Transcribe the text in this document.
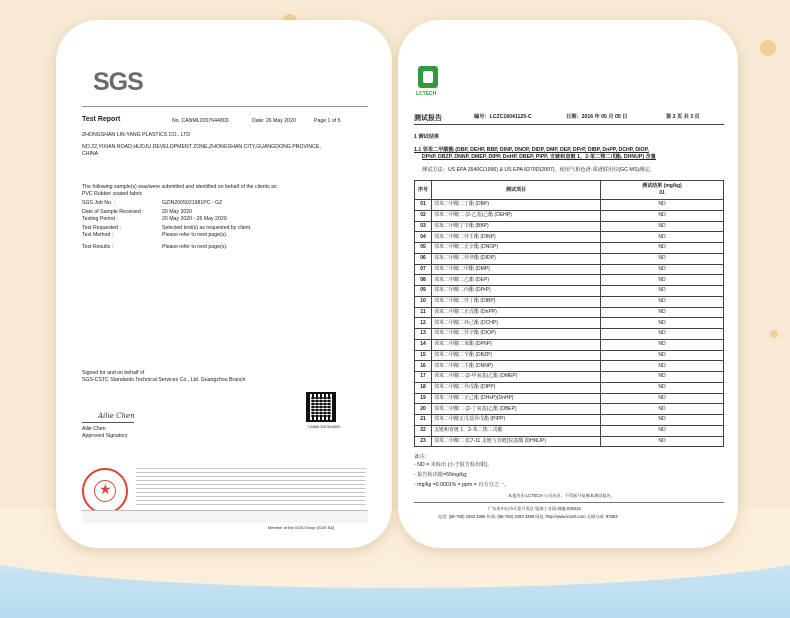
SGS
Test Report	No. CANML2007644803	Date: 26 May 2020	Page 1 of 5
ZHONGSHAN LIN-YANG PLASTICS CO., LTD
NO.22,YIXIAN ROAD,HUOJU DEVELOPMENT ZONE,ZHONGSHAN CITY,GUANGDONG PROVINCE,
CHINA
The following sample(s) was/were submitted and identified on behalf of the clients as :
PVC Rubber coated fabric
SGS Job No. :	GZIN2005021981PC - GZ
Date of Sample Received :	20 May 2020
Testing Period :	20 May 2020 - 26 May 2020
Test Requested :	Selected test(s) as requested by client.
Test Method :	Please refer to next page(s).
Test Results :	Please refer to next page(s).
Signed for and on behalf of
SGS-CSTC Standards Technical Services Co., Ltd. Guangzhou Branch
Ailie Chen
Ailie Chen
Approved Signatory
CANML2007644803
★
Member of the SGS Group (SGS SA)
LCTECH
测试报告	编号：LCZC16041125-C	日期：2016 年 05 月 05 日	第 2 页 共 3 页
1 测试结果
1.1 邻苯二甲酸酯 (DBP, DEHP, BBP, DINP, DNOP, DIDP, DMP, DEP, DPrP, DIBP, DnPP, DCHP, DIOP,
DPhP, DBZP, DNNP, DMEP, DIPP, DnHP, DBEP, PIPP, 支链和直链 1，2-苯二羧二戊酯, DHNUP) 含量
测试方法：US EPA 3540C(1996) & US EPA 8270D(2007)，使用气相色谱-质谱联用仪(GC-MS)测定。
序号	测试项目	测试结果 (mg/kg)
01
01	邻苯二甲酸二丁酯 (DBP)	ND
02	邻苯二甲酸二 (2-乙基)己酯 (DEHP)	ND
03	邻苯二甲酸丁苄酯 (BBP)	ND
04	邻苯二甲酸二异壬酯 (DINP)	ND
05	邻苯二甲酸二正辛酯 (DNOP)	ND
06	邻苯二甲酸二异癸酯 (DIDP)	ND
07	邻苯二甲酸二甲酯 (DMP)	ND
08	邻苯二甲酸二乙酯 (DEP)	ND
09	邻苯二甲酸二丙酯 (DPrP)	ND
10	邻苯二甲酸二异丁酯 (DIBP)	ND
11	邻苯二甲酸二正戊酯 (DnPP)	ND
12	邻苯二甲酸二环己酯 (DCHP)	ND
13	邻苯二甲酸二异辛酯 (DIOP)	ND
14	邻苯二甲酸二苯酯 (DPhP)	ND
15	邻苯二甲酸二苄酯 (DBZP)	ND
16	邻苯二甲酸二壬酯 (DNNP)	ND
17	邻苯二甲酸二 (2-甲氧基)乙酯 (DMEP)	ND
18	邻苯二甲酸二异戊酯 (DIPP)	ND
19	邻苯二甲酸二正己酯 (DHxP)(DnHP)	ND
20	邻苯二甲酸二 (2-丁氧基)乙酯 (DBEP)	ND
21	邻苯二甲酸正戊基异戊酯 (PIPP)	ND
22	支链和直链 1，2-苯二羧二戊酯	ND
23	邻苯二甲酸二 (C7-11 支链与直链)烷基酯 (DHNUP)	ND
备注：
- ND = 未检出 (小于报告检出限)。
- 报告检出限=50mg/kg;
- mg/kg =0.0001% = ppm = 百万分之一。
本报告由 LCTECH 公司出具，不得部分复制本测试报告。
广东省中山市火炬开发区 临海工业园 邮编 528415
电话: (86-760) 2283 3366 传真: (86-760) 2283 3399 网址: http://www.lcsert.com 无锡分部: 97863
